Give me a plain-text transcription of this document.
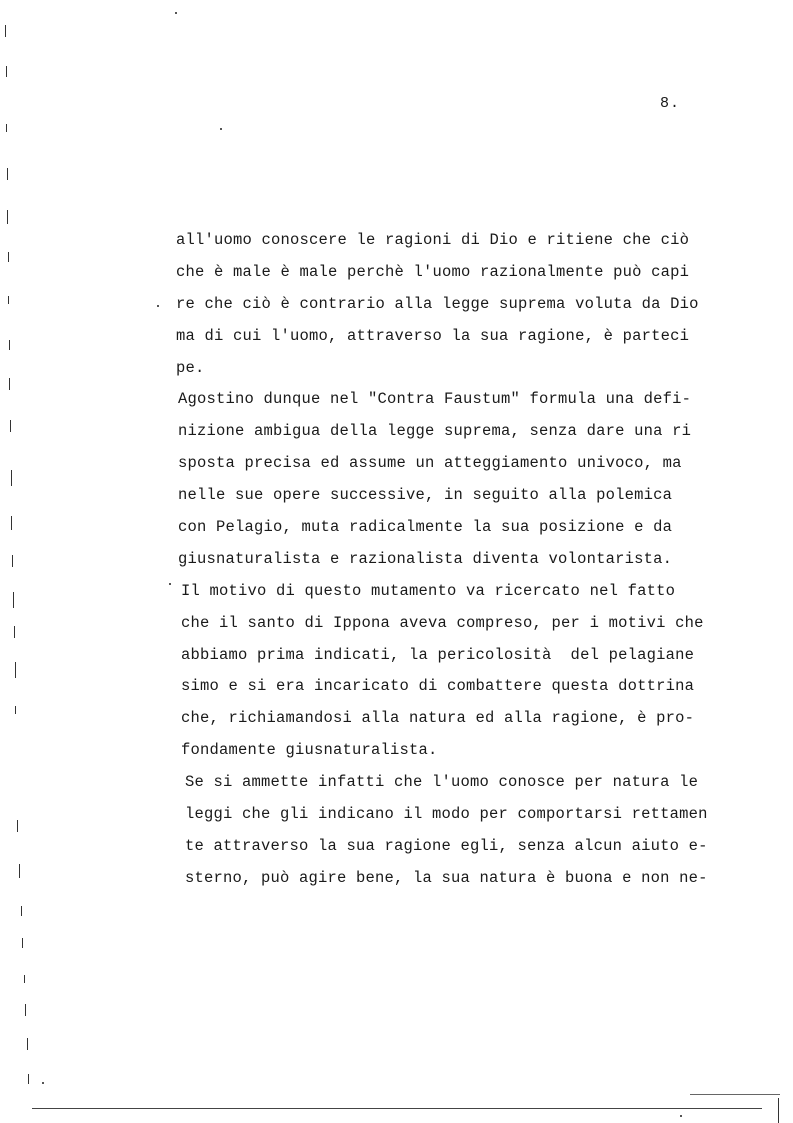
8.
all'uomo conoscere le ragioni di Dio e ritiene che ciò
che è male è male perchè l'uomo razionalmente può capi
re che ciò è contrario alla legge suprema voluta da Dio
ma di cui l'uomo, attraverso la sua ragione, è parteci
pe.
Agostino dunque nel "Contra Faustum" formula una defi-
nizione ambigua della legge suprema, senza dare una ri
sposta precisa ed assume un atteggiamento univoco, ma
nelle sue opere successive, in seguito alla polemica
con Pelagio, muta radicalmente la sua posizione e da
giusnaturalista e razionalista diventa volontarista.
Il motivo di questo mutamento va ricercato nel fatto
che il santo di Ippona aveva compreso, per i motivi che
abbiamo prima indicati, la pericolosità  del pelagiane
simo e si era incaricato di combattere questa dottrina
che, richiamandosi alla natura ed alla ragione, è pro-
fondamente giusnaturalista.
Se si ammette infatti che l'uomo conosce per natura le
leggi che gli indicano il modo per comportarsi rettamen
te attraverso la sua ragione egli, senza alcun aiuto e-
sterno, può agire bene, la sua natura è buona e non ne-
